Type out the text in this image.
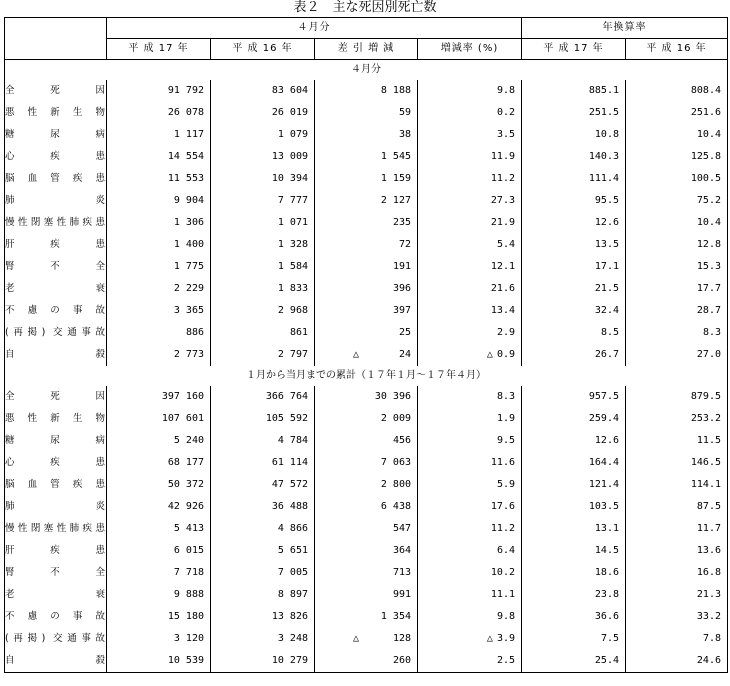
表２　主な死因別死亡数
	４月分				年換算率	
	平 成 17 年	平 成 16 年	差 引 増 減	増減率 (%)	平 成 17 年	平 成 16 年
４月分						
全死因	91 792	83 604	8 188	9.8	885.1	808.4
悪性新生物	26 078	26 019	59	0.2	251.5	251.6
糖尿病	1 117	1 079	38	3.5	10.8	10.4
心疾患	14 554	13 009	1 545	11.9	140.3	125.8
脳血管疾患	11 553	10 394	1 159	11.2	111.4	100.5
肺炎	9 904	7 777	2 127	27.3	95.5	75.2
慢性閉塞性肺疾患	1 306	1 071	235	21.9	12.6	10.4
肝疾患	1 400	1 328	72	5.4	13.5	12.8
腎不全	1 775	1 584	191	12.1	17.1	15.3
老衰	2 229	1 833	396	21.6	21.5	17.7
不慮の事故	3 365	2 968	397	13.4	32.4	28.7
(再掲) 交通事故	886	861	25	2.9	8.5	8.3
自殺	2 773	2 797	△ 24	△ 0.9	26.7	27.0
１月から当月までの累計（１７年１月～１７年４月）						
全死因	397 160	366 764	30 396	8.3	957.5	879.5
悪性新生物	107 601	105 592	2 009	1.9	259.4	253.2
糖尿病	5 240	4 784	456	9.5	12.6	11.5
心疾患	68 177	61 114	7 063	11.6	164.4	146.5
脳血管疾患	50 372	47 572	2 800	5.9	121.4	114.1
肺炎	42 926	36 488	6 438	17.6	103.5	87.5
慢性閉塞性肺疾患	5 413	4 866	547	11.2	13.1	11.7
肝疾患	6 015	5 651	364	6.4	14.5	13.6
腎不全	7 718	7 005	713	10.2	18.6	16.8
老衰	9 888	8 897	991	11.1	23.8	21.3
不慮の事故	15 180	13 826	1 354	9.8	36.6	33.2
(再掲) 交通事故	3 120	3 248	△ 128	△ 3.9	7.5	7.8
自殺	10 539	10 279	260	2.5	25.4	24.6
